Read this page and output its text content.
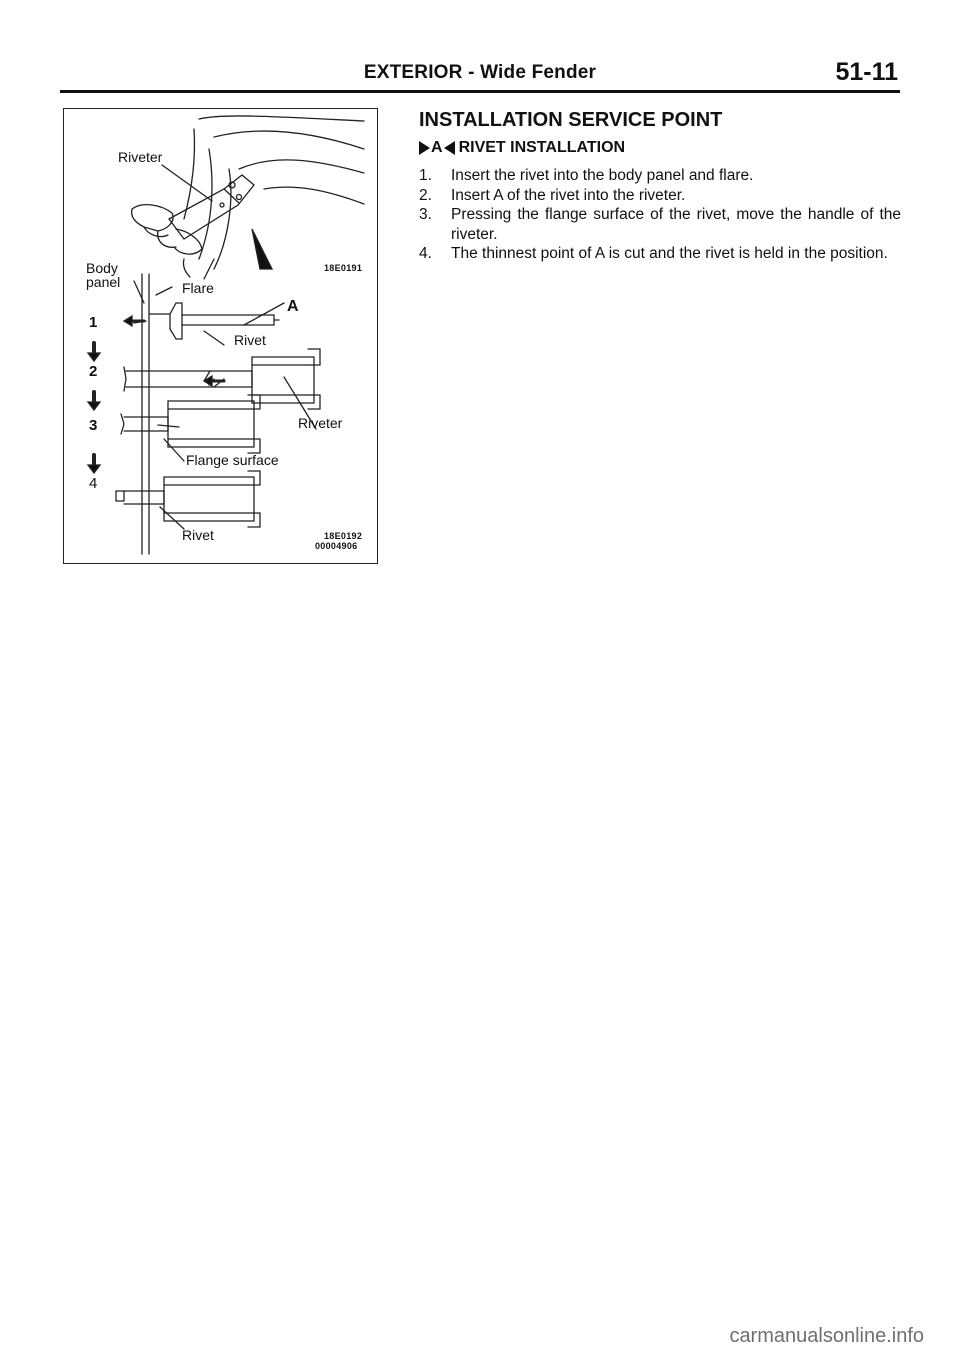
EXTERIOR - Wide Fender	51-11
Riveter
Body
panel	Flare
A
Rivet
Riveter
Flange surface
Rivet
18E0191
18E0192
00004906
1
2
3
4
INSTALLATION SERVICE POINT
A RIVET INSTALLATION
1.	Insert the rivet into the body panel and flare.
2.	Insert A of the rivet into the riveter.
3.	Pressing the flange surface of the rivet, move the handle of the riveter.
4.	The thinnest point of A is cut and the rivet is held in the position.
carmanualsonline.info
